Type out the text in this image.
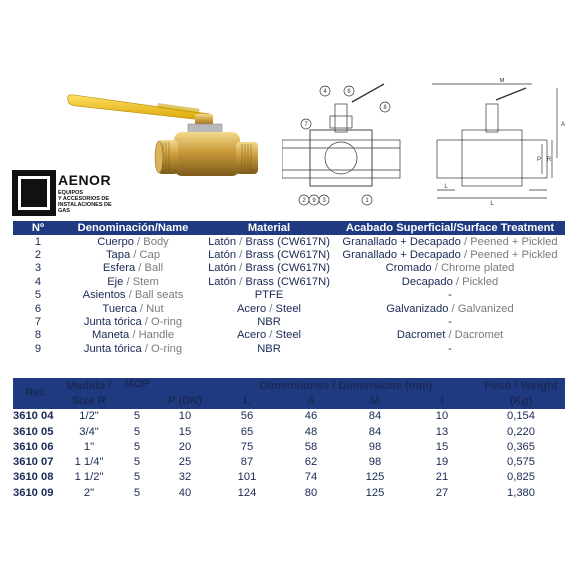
4	6
8
7
2 9 3	1
M
A
P R
L
L
AENOR
EQUIPOS
Y ACCESORIOS DE
INSTALACIONES DE GAS
Nº	Denominación/Name	Material	Acabado Superficial/Surface Treatment
1	Cuerpo / Body	Latón / Brass (CW617N)	Granallado + Decapado / Peened + Pickled
2	Tapa / Cap	Latón / Brass (CW617N)	Granallado + Decapado / Peened + Pickled
3	Esfera / Ball	Latón / Brass (CW617N)	Cromado / Chrome plated
4	Eje / Stem	Latón / Brass (CW617N)	Decapado / Pickled
5	Asientos / Ball seats	PTFE	-
6	Tuerca / Nut	Acero / Steel	Galvanizado / Galvanized
7	Junta tórica / O-ring	NBR	-
8	Maneta / Handle	Acero / Steel	Dacromet / Dacromet
9	Junta tórica / O-ring	NBR	-
Ref.	Medida /	MOP		Dimensiones / Dimensions (mm)				Peso / Weight
	Size R		P (DN)	L	A	M	l	(Kg)
3610 04	1/2"	5	10	56	46	84	10	0,154
3610 05	3/4"	5	15	65	48	84	13	0,220
3610 06	1"	5	20	75	58	98	15	0,365
3610 07	1 1/4"	5	25	87	62	98	19	0,575
3610 08	1 1/2"	5	32	101	74	125	21	0,825
3610 09	2"	5	40	124	80	125	27	1,380
